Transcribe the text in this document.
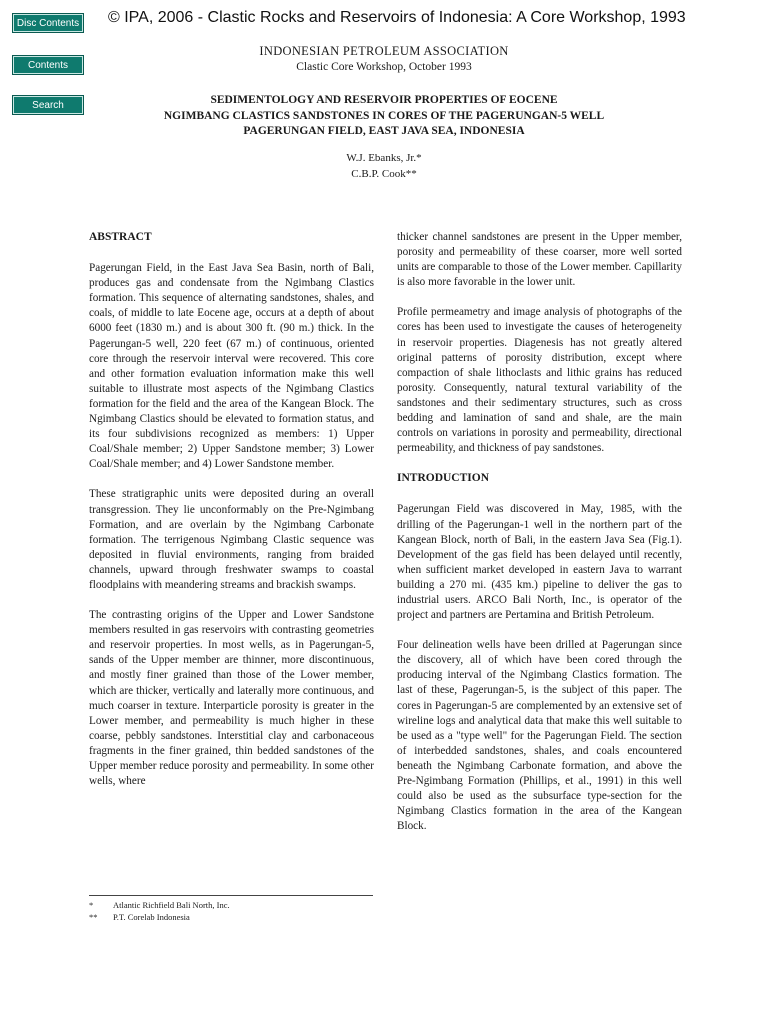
Disc Contents
Contents
Search
© IPA, 2006 - Clastic Rocks and Reservoirs of Indonesia: A Core Workshop, 1993
INDONESIAN PETROLEUM ASSOCIATION
Clastic Core Workshop, October 1993
SEDIMENTOLOGY AND RESERVOIR PROPERTIES OF EOCENE
NGIMBANG CLASTICS SANDSTONES IN CORES OF THE PAGERUNGAN-5 WELL
PAGERUNGAN FIELD, EAST JAVA SEA, INDONESIA
W.J. Ebanks, Jr.*
C.B.P. Cook**
ABSTRACT

Pagerungan Field, in the East Java Sea Basin, north of Bali, produces gas and condensate from the Ngimbang Clastics formation. This sequence of alternating sandstones, shales, and coals, of middle to late Eocene age, occurs at a depth of about 6000 feet (1830 m.) and is about 300 ft. (90 m.) thick. In the Pagerungan-5 well, 220 feet (67 m.) of continuous, oriented core through the reservoir interval were recovered. This core and other formation evaluation information make this well suitable to illustrate most aspects of the Ngimbang Clastics formation for the field and the area of the Kangean Block. The Ngimbang Clastics should be elevated to formation status, and its four subdivisions recognized as members: 1) Upper Coal/Shale member; 2) Upper Sandstone member; 3) Lower Coal/Shale member; and 4) Lower Sandstone member.

These stratigraphic units were deposited during an overall transgression. They lie unconformably on the Pre-Ngimbang Formation, and are overlain by the Ngimbang Carbonate formation. The terrigenous Ngimbang Clastic sequence was deposited in fluvial environments, ranging from braided channels, upward through freshwater swamps to coastal floodplains with meandering streams and brackish swamps.

The contrasting origins of the Upper and Lower Sandstone members resulted in gas reservoirs with contrasting geometries and reservoir properties. In most wells, as in Pagerungan-5, sands of the Upper member are thinner, more discontinuous, and mostly finer grained than those of the Lower member, which are thicker, vertically and laterally more continuous, and much coarser in texture. Interparticle porosity is greater in the Lower member, and permeability is much higher in these coarse, pebbly sandstones. Interstitial clay and carbonaceous fragments in the finer grained, thin bedded sandstones of the Upper member reduce porosity and permeability. In some other wells, where

*	Atlantic Richfield Bali North, Inc.
**	P.T. Corelab Indonesia

thicker channel sandstones are present in the Upper member, porosity and permeability of these coarser, more well sorted units are comparable to those of the Lower member. Capillarity is also more favorable in the lower unit.

Profile permeametry and image analysis of photographs of the cores has been used to investigate the causes of heterogeneity in reservoir properties. Diagenesis has not greatly altered original patterns of porosity distribution, except where compaction of shale lithoclasts and lithic grains has reduced porosity. Consequently, natural textural variability of the sandstones and their sedimentary structures, such as cross bedding and lamination of sand and shale, are the main controls on variations in porosity and permeability, directional permeability, and thickness of pay sandstones.

INTRODUCTION

Pagerungan Field was discovered in May, 1985, with the drilling of the Pagerungan-1 well in the northern part of the Kangean Block, north of Bali, in the eastern Java Sea (Fig.1). Development of the gas field has been delayed until recently, when sufficient market developed in eastern Java to warrant building a 270 mi. (435 km.) pipeline to deliver the gas to industrial users. ARCO Bali North, Inc., is operator of the project and partners are Pertamina and British Petroleum.

Four delineation wells have been drilled at Pagerungan since the discovery, all of which have been cored through the producing interval of the Ngimbang Clastics formation. The last of these, Pagerungan-5, is the subject of this paper. The cores in Pagerungan-5 are complemented by an extensive set of wireline logs and analytical data that make this well suitable to be used as a "type well" for the Pagerungan Field. The section of interbedded sandstones, shales, and coals encountered beneath the Ngimbang Carbonate formation, and above the Pre-Ngimbang Formation (Phillips, et al., 1991) in this well could also be used as the subsurface type-section for the Ngimbang Clastics formation in the area of the Kangean Block.
